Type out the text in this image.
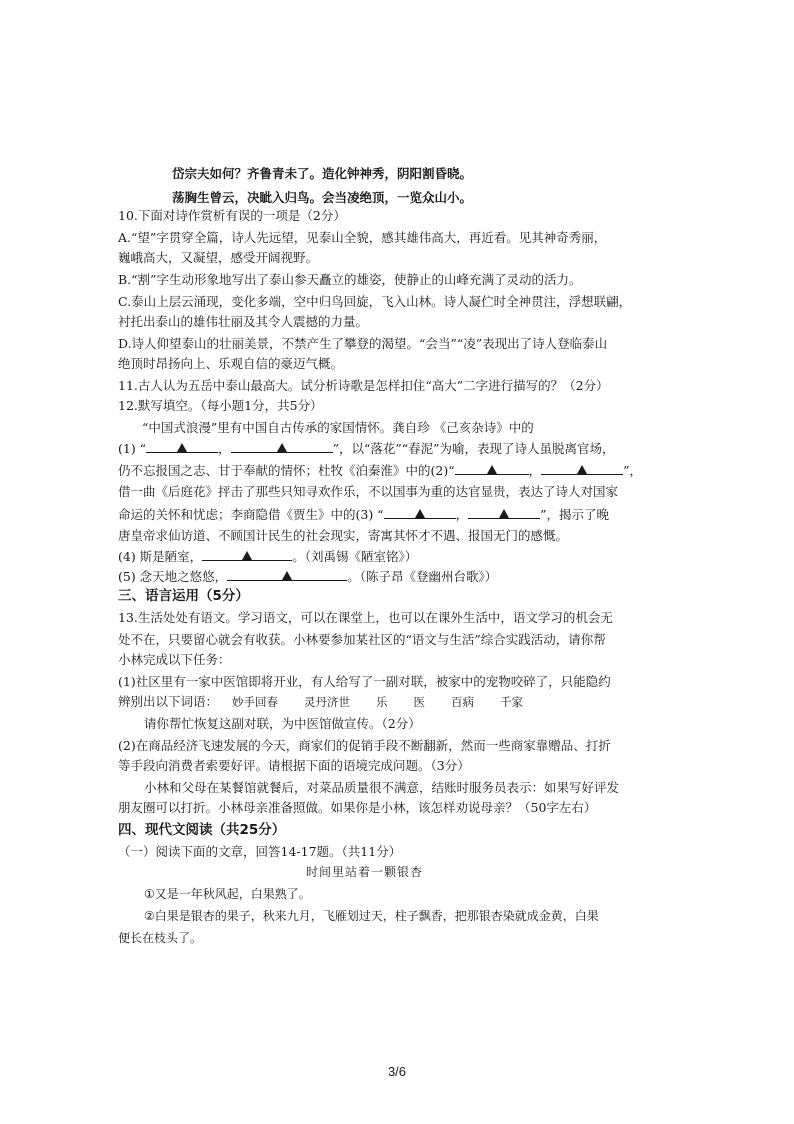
岱宗夫如何？齐鲁青未了。造化钟神秀，阴阳割昏晓。
荡胸生曾云，决眦入归鸟。会当凌绝顶，一览众山小。
10.下面对诗作赏析有误的一项是（2分）
A.“望”字贯穿全篇，诗人先远望，见泰山全貌，感其雄伟高大，再近看。见其神奇秀丽，
巍峨高大，又凝望，感受开阔视野。
B.“割”字生动形象地写出了泰山参天矗立的雄姿，使静止的山峰充满了灵动的活力。
C.泰山上层云涌现，变化多端，空中归鸟回旋，飞入山林。诗人凝伫时全神贯注，浮想联翩，
衬托出泰山的雄伟壮丽及其令人震撼的力量。
D.诗人仰望泰山的壮丽美景，不禁产生了攀登的渴望。“会当”“凌”表现出了诗人登临泰山
绝顶时昂扬向上、乐观自信的豪迈气概。
11.古人认为五岳中泰山最高大。试分析诗歌是怎样扣住“高大”二字进行描写的？（2分）
12.默写填空。（每小题1分，共5分）
“中国式浪漫”里有中国自古传承的家国情怀。龚自珍 《己亥杂诗》中的
(1) “	，	”，以“落花”“春泥”为喻，表现了诗人虽脱离官场，
仍不忘报国之志、甘于奉献的情怀；杜牧《泊秦淮》中的(2)“	，	”，
借一曲《后庭花》抨击了那些只知寻欢作乐，不以国事为重的达官显贵，表达了诗人对国家
命运的关怀和忧虑；李商隐借《贾生》中的(3) “	，	”，揭示了晚
唐皇帝求仙访道、不顾国计民生的社会现实，寄寓其怀才不遇、报国无门的感慨。
(4) 斯是陋室，	。（刘禹锡《陋室铭》）
(5) 念天地之悠悠，	。（陈子昂《登幽州台歌》）
三、语言运用（5分）
13.生活处处有语文。学习语文，可以在课堂上，也可以在课外生活中，语文学习的机会无
处不在，只要留心就会有收获。小林要参加某社区的“语文与生活”综合实践活动，请你帮
小林完成以下任务：
(1)社区里有一家中医馆即将开业，有人给写了一副对联，被家中的宠物咬碎了，只能隐约
辨别出以下词语： 妙手回春 灵丹济世 乐 医 百病 千家
请你帮忙恢复这副对联，为中医馆做宣传。（2分）
(2)在商品经济飞速发展的今天，商家们的促销手段不断翻新，然而一些商家靠赠品、打折
等手段向消费者索要好评。请根据下面的语境完成问题。（3分）
小林和父母在某餐馆就餐后，对菜品质量很不满意，结账时服务员表示：如果写好评发
朋友圈可以打折。小林母亲准备照做。如果你是小林，该怎样劝说母亲？（50字左右）
四、现代文阅读（共25分）
（一）阅读下面的文章，回答14-17题。（共11分）
时间里站着一颗银杏
①又是一年秋风起，白果熟了。
②白果是银杏的果子，秋来九月，飞雁划过天，柱子飘香，把那银杏染就成金黄，白果
便长在枝头了。
3/6
